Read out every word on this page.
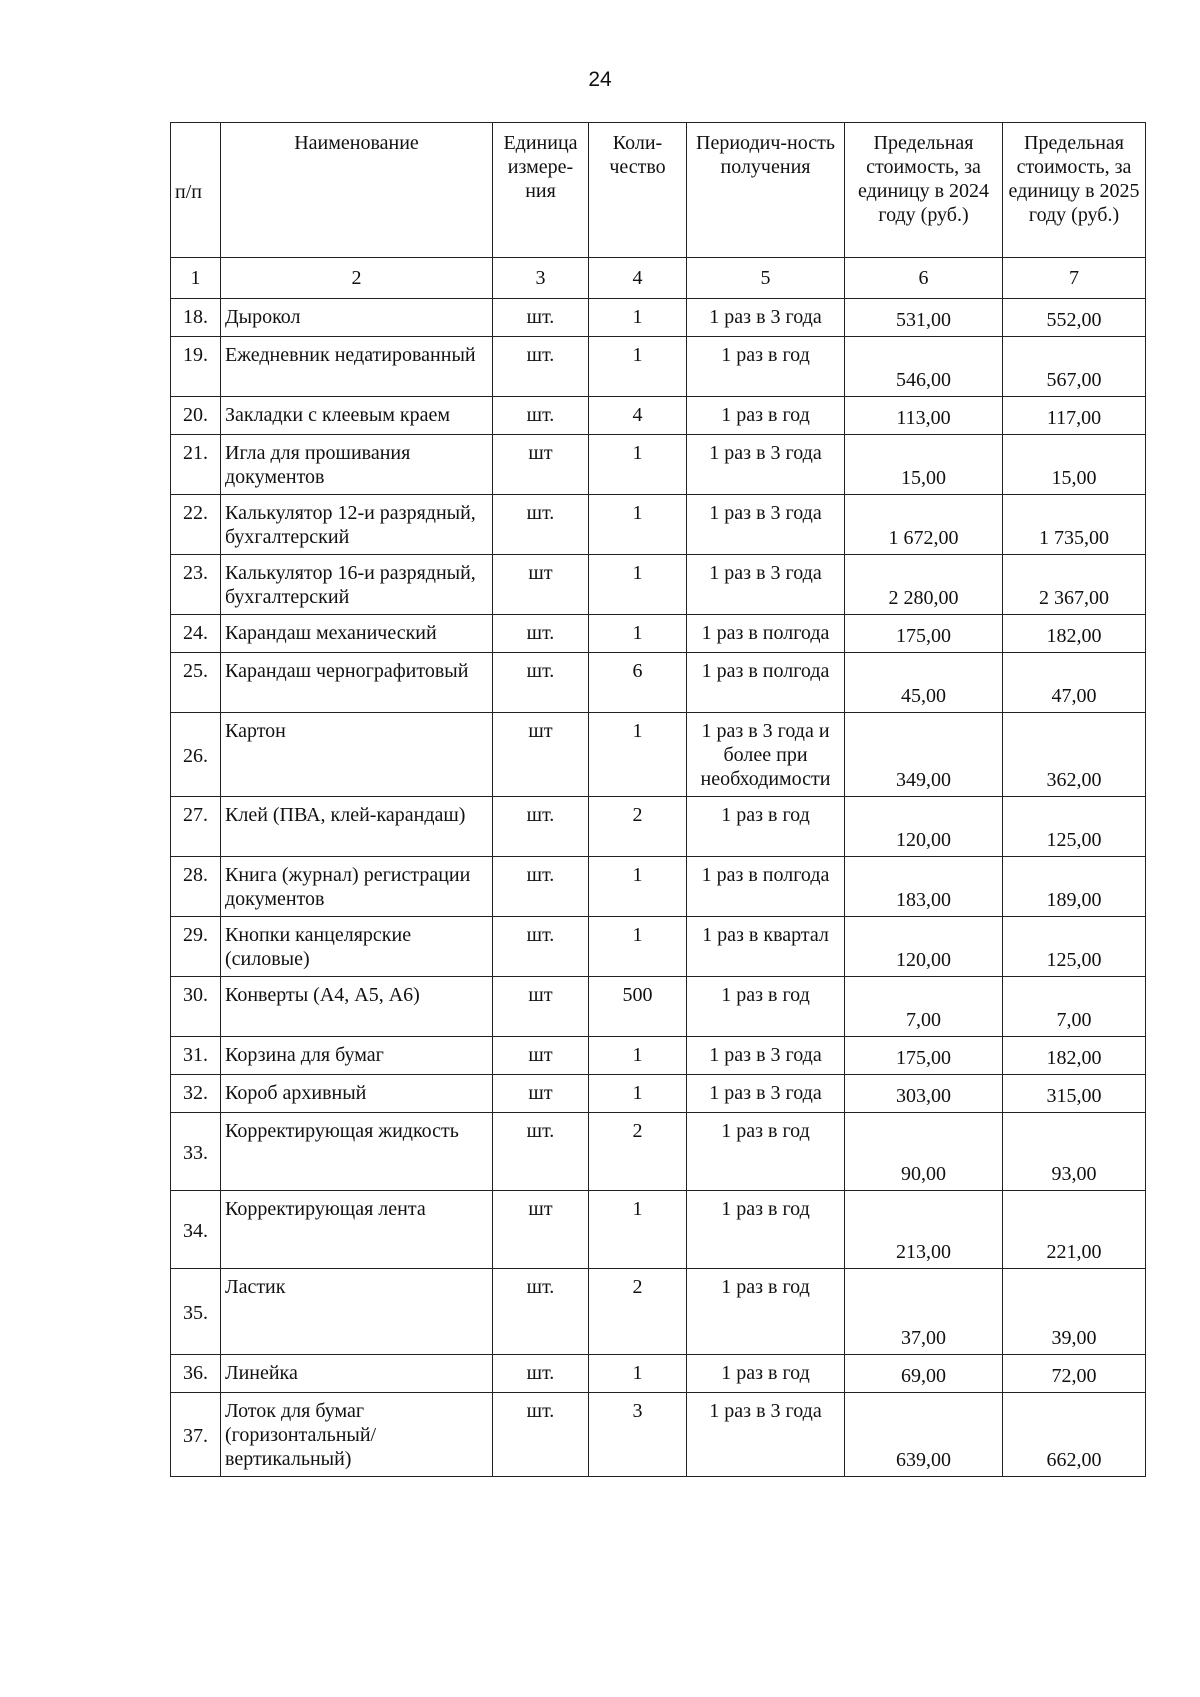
24
п/п	Наименование	Единица измере-ния	Коли-чество	Периодич-ность получения	Предельная стоимость, за единицу в 2024 году (руб.)	Предельная стоимость, за единицу в 2025 году (руб.)
1	2	3	4	5	6	7
18.	Дырокол	шт.	1	1 раз в 3 года	531,00	552,00
19.	Ежедневник недатированный	шт.	1	1 раз в год	546,00	567,00
20.	Закладки с клеевым краем	шт.	4	1 раз в год	113,00	117,00
21.	Игла для прошивания документов	шт	1	1 раз в 3 года	15,00	15,00
22.	Калькулятор 12-и разрядный, бухгалтерский	шт.	1	1 раз в 3 года	1 672,00	1 735,00
23.	Калькулятор 16-и разрядный, бухгалтерский	шт	1	1 раз в 3 года	2 280,00	2 367,00
24.	Карандаш механический	шт.	1	1 раз в полгода	175,00	182,00
25.	Карандаш чернографитовый	шт.	6	1 раз в полгода	45,00	47,00
26.	Картон	шт	1	1 раз в 3 года и более при необходимости	349,00	362,00
27.	Клей (ПВА, клей-карандаш)	шт.	2	1 раз в год	120,00	125,00
28.	Книга (журнал) регистрации документов	шт.	1	1 раз в полгода	183,00	189,00
29.	Кнопки канцелярские (силовые)	шт.	1	1 раз в квартал	120,00	125,00
30.	Конверты (А4, А5, А6)	шт	500	1 раз в год	7,00	7,00
31.	Корзина для бумаг	шт	1	1 раз в 3 года	175,00	182,00
32.	Короб архивный	шт	1	1 раз в 3 года	303,00	315,00
33.	Корректирующая жидкость	шт.	2	1 раз в год	90,00	93,00
34.	Корректирующая лента	шт	1	1 раз в год	213,00	221,00
35.	Ластик	шт.	2	1 раз в год	37,00	39,00
36.	Линейка	шт.	1	1 раз в год	69,00	72,00
37.	Лоток для бумаг (горизонтальный/ вертикальный)	шт.	3	1 раз в 3 года	639,00	662,00
